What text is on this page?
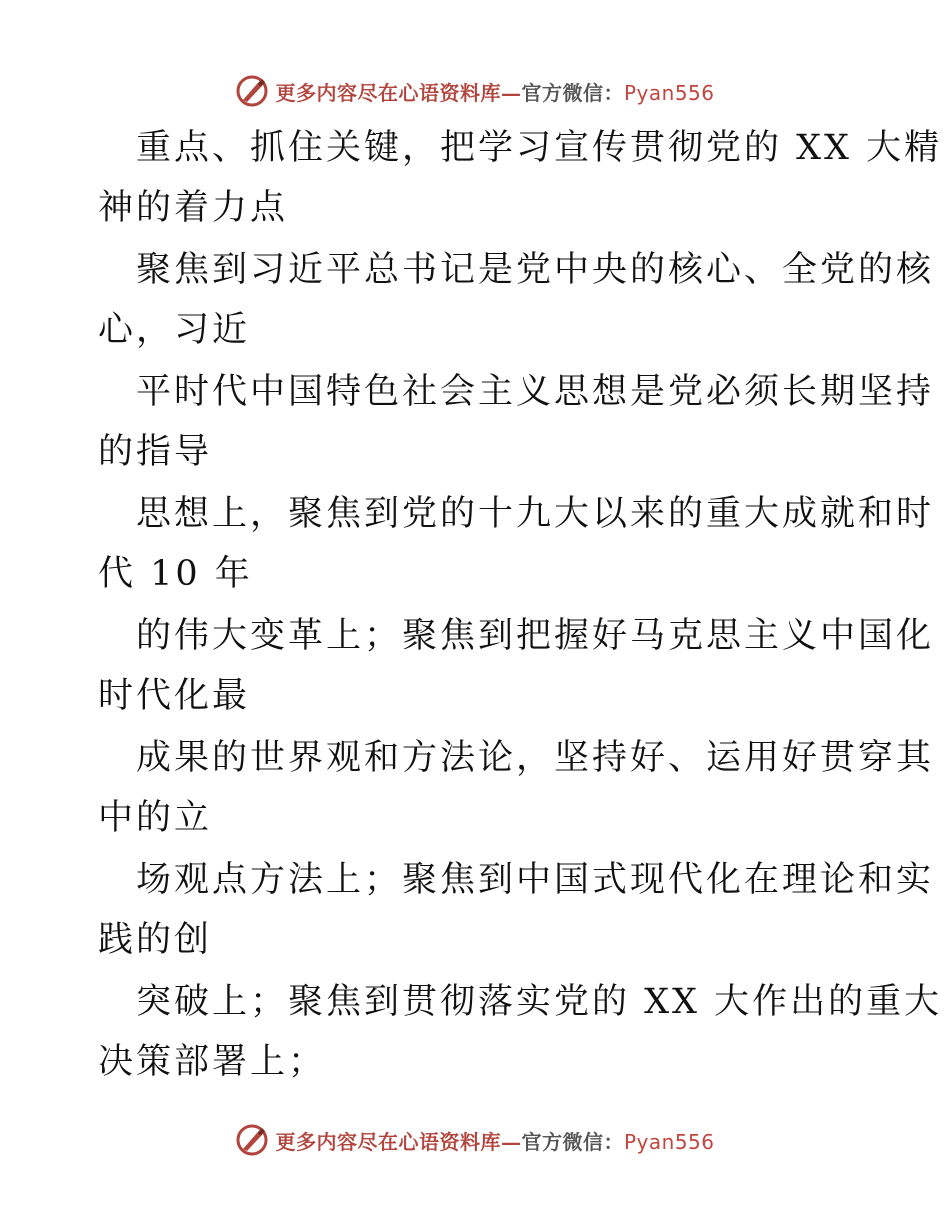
更多内容尽在心语资料库—官方微信：Pyan556
重点、抓住关键，把学习宣传贯彻党的 XX 大精
神的着力点
聚焦到习近平总书记是党中央的核心、全党的核
心，习近
平时代中国特色社会主义思想是党必须长期坚持
的指导
思想上，聚焦到党的十九大以来的重大成就和时
代 10 年
的伟大变革上；聚焦到把握好马克思主义中国化
时代化最
成果的世界观和方法论，坚持好、运用好贯穿其
中的立
场观点方法上；聚焦到中国式现代化在理论和实
践的创
突破上；聚焦到贯彻落实党的 XX 大作出的重大
决策部署上；
更多内容尽在心语资料库—官方微信：Pyan556
